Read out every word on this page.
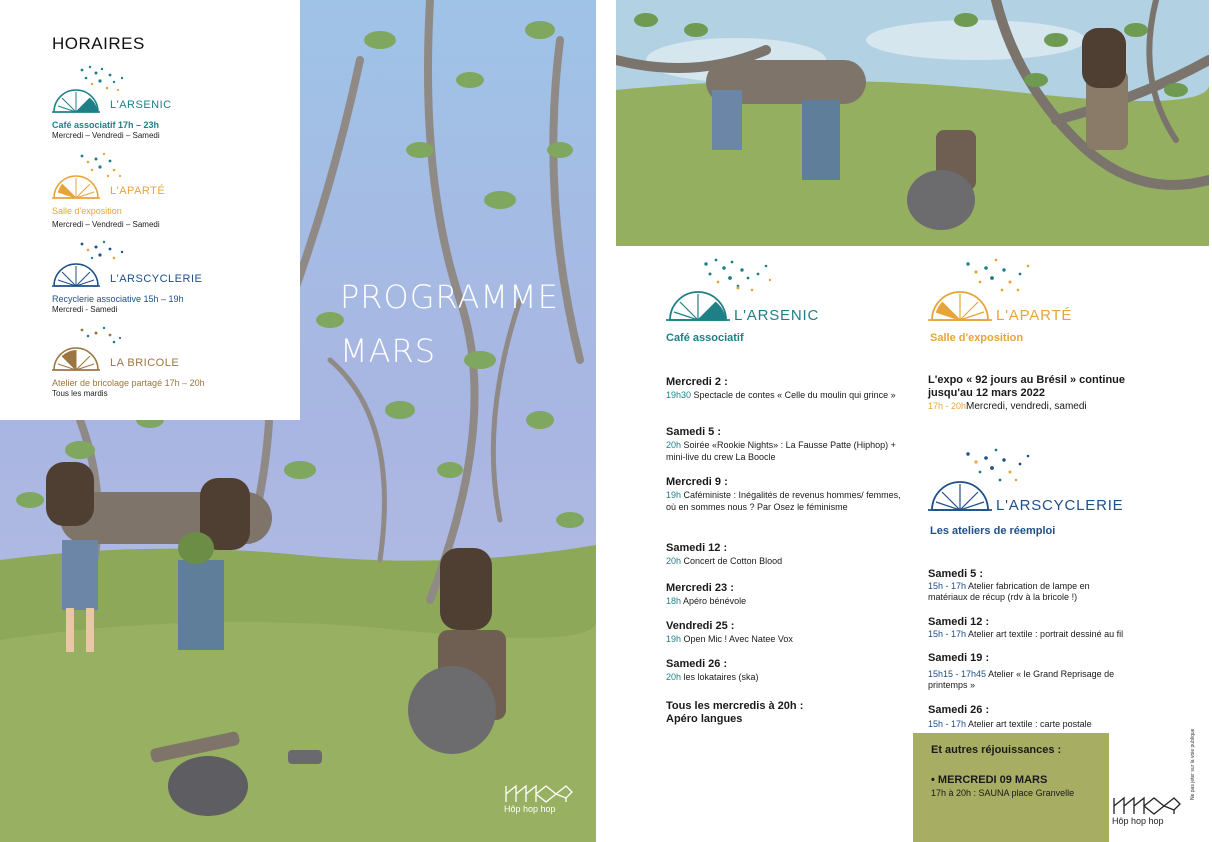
HORAIRES
L'ARSENIC
Café associatif 17h – 23h
Mercredi – Vendredi – Samedi
L'APARTÉ
Salle d'exposition
Mercredi – Vendredi – Samedi
L'ARSCYCLERIE
Recyclerie associative 15h – 19h
Mercredi - Samedi
LA BRICOLE
Atelier de bricolage partagé 17h – 20h
Tous les mardis
PROGRAMME
MARS
Hôp hop hop
L'ARSENIC
Café associatif
L'APARTÉ
Salle d'exposition
L'ARSCYCLERIE
Les ateliers de réemploi
Mercredi 2 :
19h30 Spectacle de contes « Celle du moulin qui grince »
Samedi 5 :
20h Soirée «Rookie Nights» : La Fausse Patte (Hiphop) + mini-live du crew La Boocle
Mercredi 9 :
19h Caféministe : Inégalités de revenus hommes/ femmes, où en sommes nous ? Par Osez le féminisme
Samedi 12 :
20h Concert de Cotton Blood
Mercredi 23 :
18h Apéro bénévole
Vendredi 25 :
19h Open Mic ! Avec Natee Vox
Samedi 26 :
20h les lokataires (ska)
Tous les mercredis à 20h :
Apéro langues
L'expo « 92 jours au Brésil » continue jusqu'au 12 mars 2022
17h - 20hMercredi, vendredi, samedi
Samedi 5 :
15h - 17h Atelier fabrication de lampe en matériaux de récup (rdv à la bricole !)
Samedi 12 :
15h - 17h Atelier art textile : portrait dessiné au fil
Samedi 19 :
15h15 - 17h45 Atelier « le Grand Reprisage de printemps »
Samedi 26 :
15h - 17h Atelier art textile : carte postale
Et autres réjouissances :
• MERCREDI 09 MARS
17h à 20h : SAUNA place Granvelle
Hôp hop hop
Ne pas jeter sur la voie publique
